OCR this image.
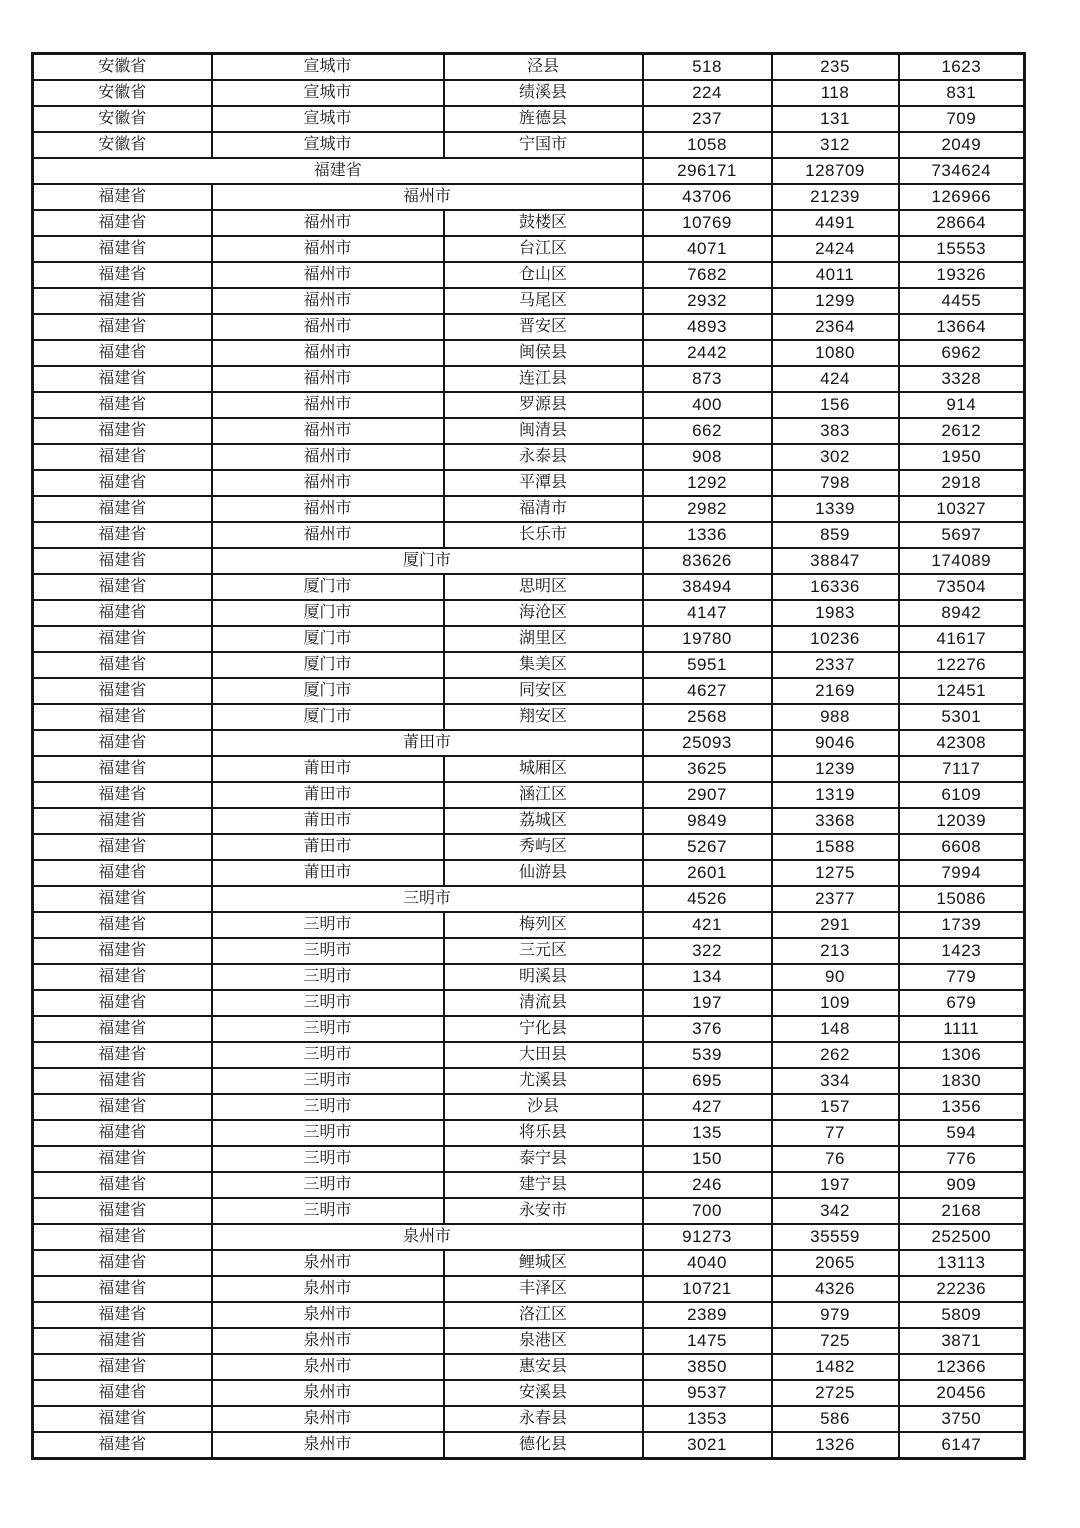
安徽省	宣城市	泾县	518	235	1623
安徽省	宣城市	绩溪县	224	118	831
安徽省	宣城市	旌德县	237	131	709
安徽省	宣城市	宁国市	1058	312	2049
福建省			296171	128709	734624
福建省	福州市		43706	21239	126966
福建省	福州市	鼓楼区	10769	4491	28664
福建省	福州市	台江区	4071	2424	15553
福建省	福州市	仓山区	7682	4011	19326
福建省	福州市	马尾区	2932	1299	4455
福建省	福州市	晋安区	4893	2364	13664
福建省	福州市	闽侯县	2442	1080	6962
福建省	福州市	连江县	873	424	3328
福建省	福州市	罗源县	400	156	914
福建省	福州市	闽清县	662	383	2612
福建省	福州市	永泰县	908	302	1950
福建省	福州市	平潭县	1292	798	2918
福建省	福州市	福清市	2982	1339	10327
福建省	福州市	长乐市	1336	859	5697
福建省	厦门市		83626	38847	174089
福建省	厦门市	思明区	38494	16336	73504
福建省	厦门市	海沧区	4147	1983	8942
福建省	厦门市	湖里区	19780	10236	41617
福建省	厦门市	集美区	5951	2337	12276
福建省	厦门市	同安区	4627	2169	12451
福建省	厦门市	翔安区	2568	988	5301
福建省	莆田市		25093	9046	42308
福建省	莆田市	城厢区	3625	1239	7117
福建省	莆田市	涵江区	2907	1319	6109
福建省	莆田市	荔城区	9849	3368	12039
福建省	莆田市	秀屿区	5267	1588	6608
福建省	莆田市	仙游县	2601	1275	7994
福建省	三明市		4526	2377	15086
福建省	三明市	梅列区	421	291	1739
福建省	三明市	三元区	322	213	1423
福建省	三明市	明溪县	134	90	779
福建省	三明市	清流县	197	109	679
福建省	三明市	宁化县	376	148	1111
福建省	三明市	大田县	539	262	1306
福建省	三明市	尤溪县	695	334	1830
福建省	三明市	沙县	427	157	1356
福建省	三明市	将乐县	135	77	594
福建省	三明市	泰宁县	150	76	776
福建省	三明市	建宁县	246	197	909
福建省	三明市	永安市	700	342	2168
福建省	泉州市		91273	35559	252500
福建省	泉州市	鲤城区	4040	2065	13113
福建省	泉州市	丰泽区	10721	4326	22236
福建省	泉州市	洛江区	2389	979	5809
福建省	泉州市	泉港区	1475	725	3871
福建省	泉州市	惠安县	3850	1482	12366
福建省	泉州市	安溪县	9537	2725	20456
福建省	泉州市	永春县	1353	586	3750
福建省	泉州市	德化县	3021	1326	6147
